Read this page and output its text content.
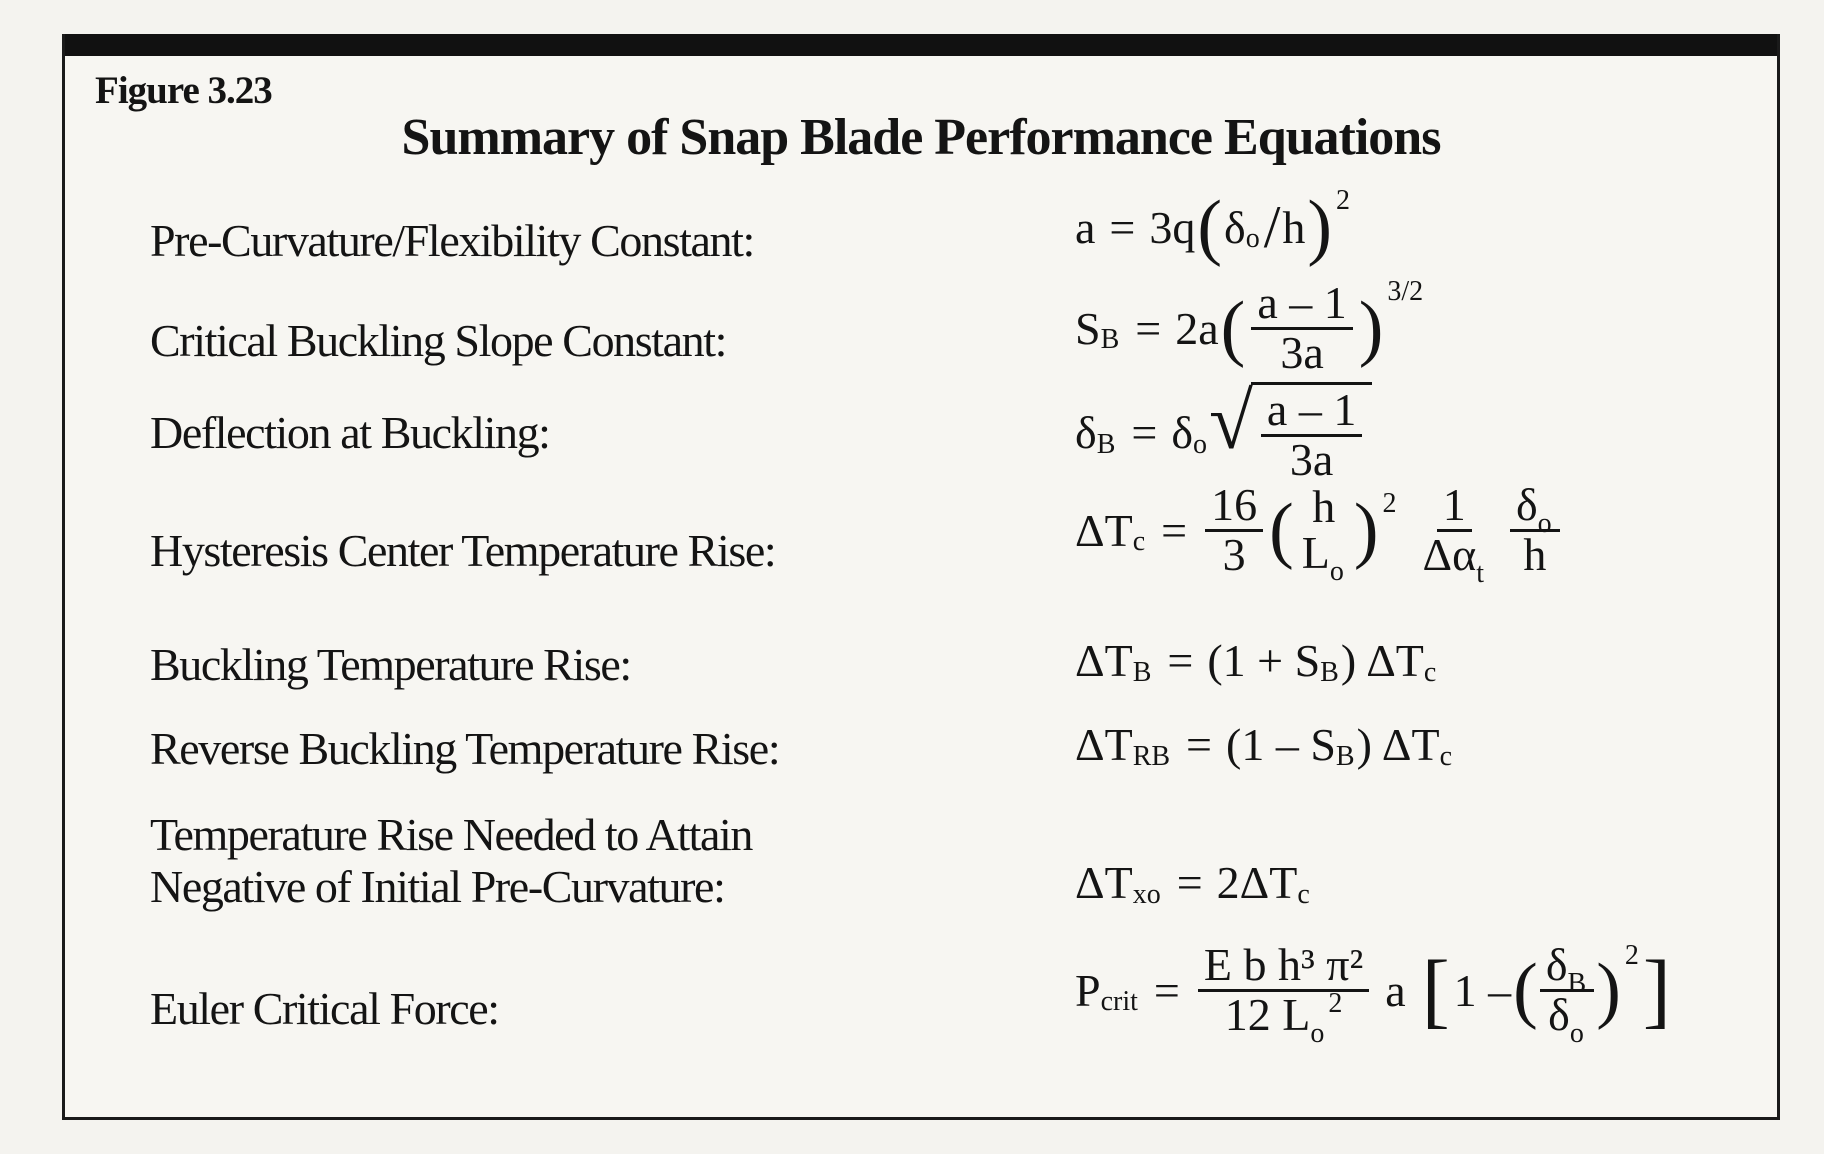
Figure 3.23
Summary of Snap Blade Performance Equations
Pre-Curvature/Flexibility Constant:
Critical Buckling Slope Constant:
Deflection at Buckling:
Hysteresis Center Temperature Rise:
Buckling Temperature Rise:
Reverse Buckling Temperature Rise:
Temperature Rise Needed to Attain
Negative of Initial Pre-Curvature:
Euler Critical Force:
a = 3q ( δ o / h ) 2
S B = 2a ( $\frac{a - 1}{3a}$ ) 3/2
δ B = δ o √ $\frac{a - 1}{3a}$
ΔT $c = \frac{16}{3}$ ( h
$L_o$
) $2 \frac{1}{\Delta\alpha_t} \frac{\delta_o}{h}$
ΔT B = (1 + S B ) ΔT c
ΔT RB = (1 – S B ) ΔT c
ΔT xo = 2ΔT c
P crit = $\frac{\text{E b h³ π²}}{12 L_o^2}$ a [ 1 – ( $\frac{\delta_B}{\delta_o}$ ) 2 ]
